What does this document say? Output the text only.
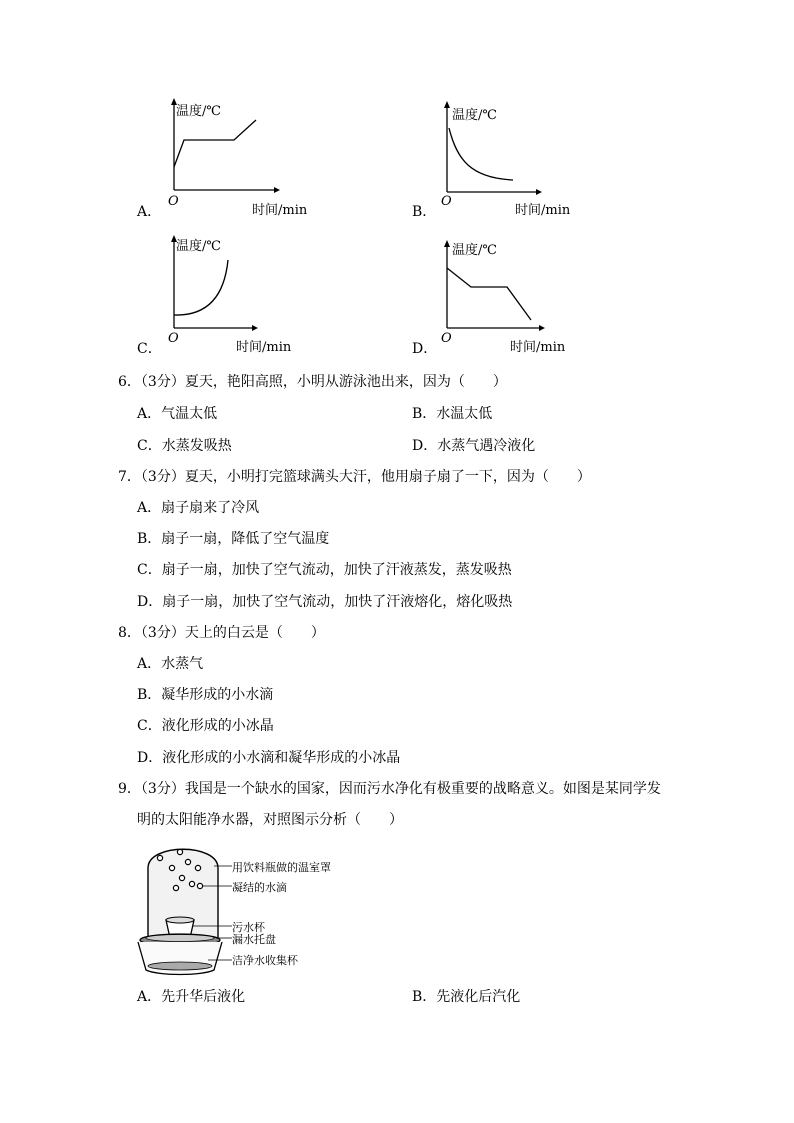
温度/℃
时间/min
O
A．
温度/℃
时间/min
O
B．
温度/℃
时间/min
O
C．
温度/℃
时间/min
O
D．
6．（3分）夏天，艳阳高照，小明从游泳池出来，因为（　　）
A．气温太低	B．水温太低
C．水蒸发吸热	D．水蒸气遇冷液化
7．（3分）夏天，小明打完篮球满头大汗，他用扇子扇了一下，因为（　　）
A．扇子扇来了冷风
B．扇子一扇，降低了空气温度
C．扇子一扇，加快了空气流动，加快了汗液蒸发，蒸发吸热
D．扇子一扇，加快了空气流动，加快了汗液熔化，熔化吸热
8．（3分）天上的白云是（　　）
A．水蒸气
B．凝华形成的小水滴
C．液化形成的小冰晶
D．液化形成的小水滴和凝华形成的小冰晶
9．（3分）我国是一个缺水的国家，因而污水净化有极重要的战略意义。如图是某同学发
明的太阳能净水器，对照图示分析（　　）
用饮料瓶做的温室罩
凝结的水滴
污水杯
漏水托盘
洁净水收集杯
A．先升华后液化	B．先液化后汽化
